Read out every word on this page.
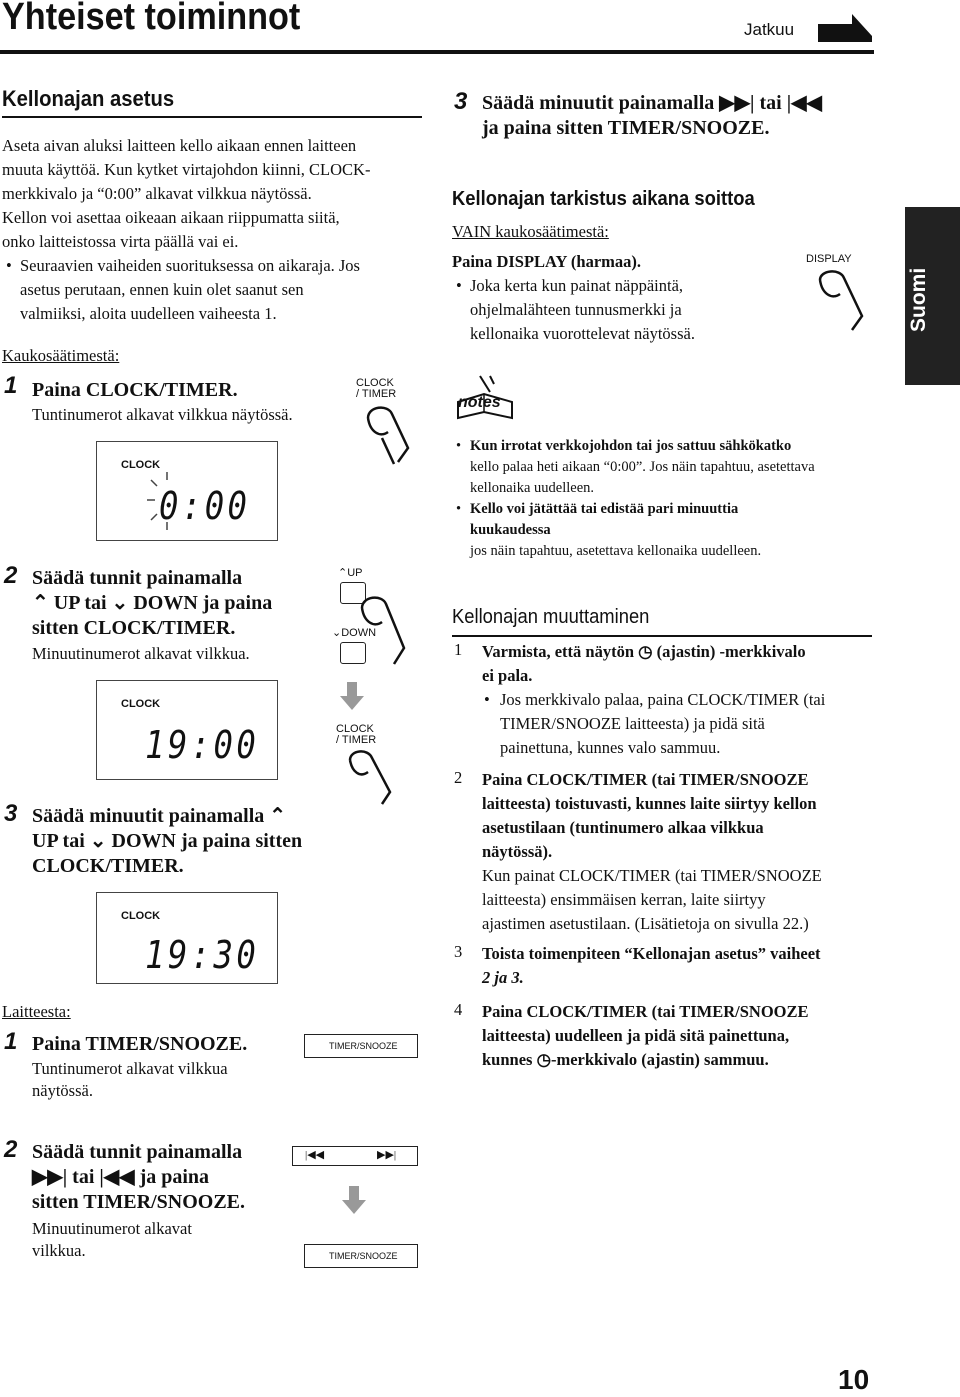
Yhteiset toiminnot	Jatkuu
Suomi
Kellonajan asetus
Aseta aivan aluksi laitteen kello aikaan ennen laitteen
muuta käyttöä. Kun kytket virtajohdon kiinni, CLOCK-
merkkivalo ja “0:00” alkavat vilkkua näytössä.
Kellon voi asettaa oikeaan aikaan riippumatta siitä,
onko laitteistossa virta päällä vai ei.
• Seuraavien vaiheiden suorituksessa on aikaraja. Jos
asetus perutaan, ennen kuin olet saanut sen
valmiiksi, aloita uudelleen vaiheesta 1.
Kaukosäätimestä:
1 Paina CLOCK/TIMER.
Tuntinumerot alkavat vilkkua näytössä.
CLOCK
/ TIMER
CLOCK
0:00
2 Säädä tunnit painamalla
⌃ UP tai ⌄ DOWN ja paina
sitten CLOCK/TIMER.
Minuutinumerot alkavat vilkkua.
⌃UP
⌄DOWN
CLOCK
/ TIMER
CLOCK
19:00
3 Säädä minuutit painamalla ⌃
UP tai ⌄ DOWN ja paina sitten
CLOCK/TIMER.
CLOCK
19:30
Laitteesta:
1 Paina TIMER/SNOOZE.
Tuntinumerot alkavat vilkkua
näytössä.
TIMER/SNOOZE
2 Säädä tunnit painamalla
▶▶| tai |◀◀ ja paina
sitten TIMER/SNOOZE.
Minuutinumerot alkavat
vilkkua.
|◀◀	▶▶|
TIMER/SNOOZE
3 Säädä minuutit painamalla ▶▶| tai |◀◀
ja paina sitten TIMER/SNOOZE.
Kellonajan tarkistus aikana soittoa
VAIN kaukosäätimestä:
Paina DISPLAY (harmaa).
• Joka kerta kun painat näppäintä,
ohjelmalähteen tunnusmerkki ja
kellonaika vuorottelevat näytössä.
DISPLAY
notes
• Kun irrotat verkkojohdon tai jos sattuu sähkökatko
kello palaa heti aikaan “0:00”. Jos näin tapahtuu, asetettava
kellonaika uudelleen.
• Kello voi jätättää tai edistää pari minuuttia
kuukaudessa
jos näin tapahtuu, asetettava kellonaika uudelleen.
Kellonajan muuttaminen
1 Varmista, että näytön ◷ (ajastin) -merkkivalo
ei pala.
• Jos merkkivalo palaa, paina CLOCK/TIMER (tai
TIMER/SNOOZE laitteesta) ja pidä sitä
painettuna, kunnes valo sammuu.
2 Paina CLOCK/TIMER (tai TIMER/SNOOZE
laitteesta) toistuvasti, kunnes laite siirtyy kellon
asetustilaan (tuntinumero alkaa vilkkua
näytössä).
Kun painat CLOCK/TIMER (tai TIMER/SNOOZE
laitteesta) ensimmäisen kerran, laite siirtyy
ajastimen asetustilaan. (Lisätietoja on sivulla 22.)
3 Toista toimenpiteen “Kellonajan asetus” vaiheet
2 ja 3.
4 Paina CLOCK/TIMER (tai TIMER/SNOOZE
laitteesta) uudelleen ja pidä sitä painettuna,
kunnes ◷-merkkivalo (ajastin) sammuu.
10
